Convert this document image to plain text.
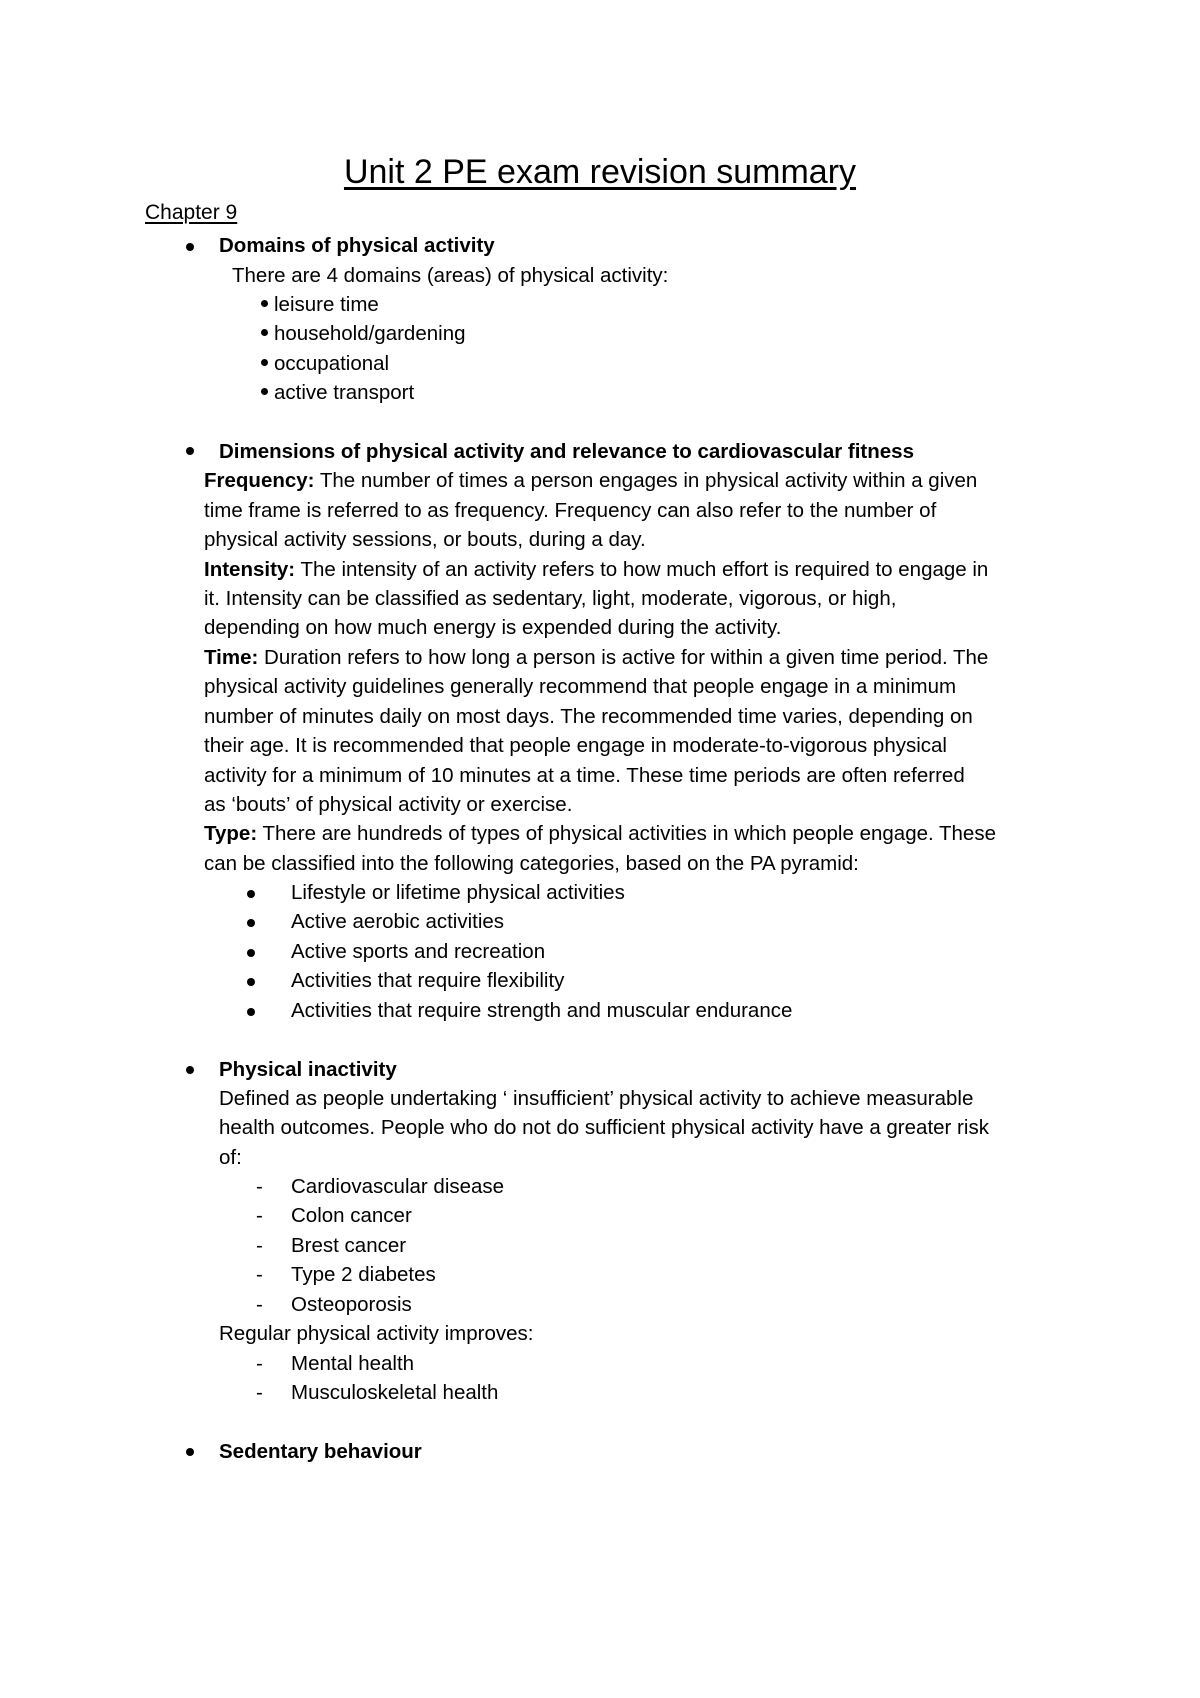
Unit 2 PE exam revision summary
Chapter 9
Domains of physical activity
There are 4 domains (areas) of physical activity:
leisure time
household/gardening
occupational
active transport
Dimensions of physical activity and relevance to cardiovascular fitness
Frequency: The number of times a person engages in physical activity within a given
time frame is referred to as frequency. Frequency can also refer to the number of
physical activity sessions, or bouts, during a day.
Intensity: The intensity of an activity refers to how much effort is required to engage in
it. Intensity can be classified as sedentary, light, moderate, vigorous, or high,
depending on how much energy is expended during the activity.
Time: Duration refers to how long a person is active for within a given time period. The
physical activity guidelines generally recommend that people engage in a minimum
number of minutes daily on most days. The recommended time varies, depending on
their age. It is recommended that people engage in moderate-to-vigorous physical
activity for a minimum of 10 minutes at a time. These time periods are often referred
as ‘bouts’ of physical activity or exercise.
Type: There are hundreds of types of physical activities in which people engage. These
can be classified into the following categories, based on the PA pyramid:
Lifestyle or lifetime physical activities
Active aerobic activities
Active sports and recreation
Activities that require flexibility
Activities that require strength and muscular endurance
Physical inactivity
Defined as people undertaking ‘ insufficient’ physical activity to achieve measurable
health outcomes. People who do not do sufficient physical activity have a greater risk
of:
- Cardiovascular disease
- Colon cancer
- Brest cancer
- Type 2 diabetes
- Osteoporosis
Regular physical activity improves:
- Mental health
- Musculoskeletal health
Sedentary behaviour
